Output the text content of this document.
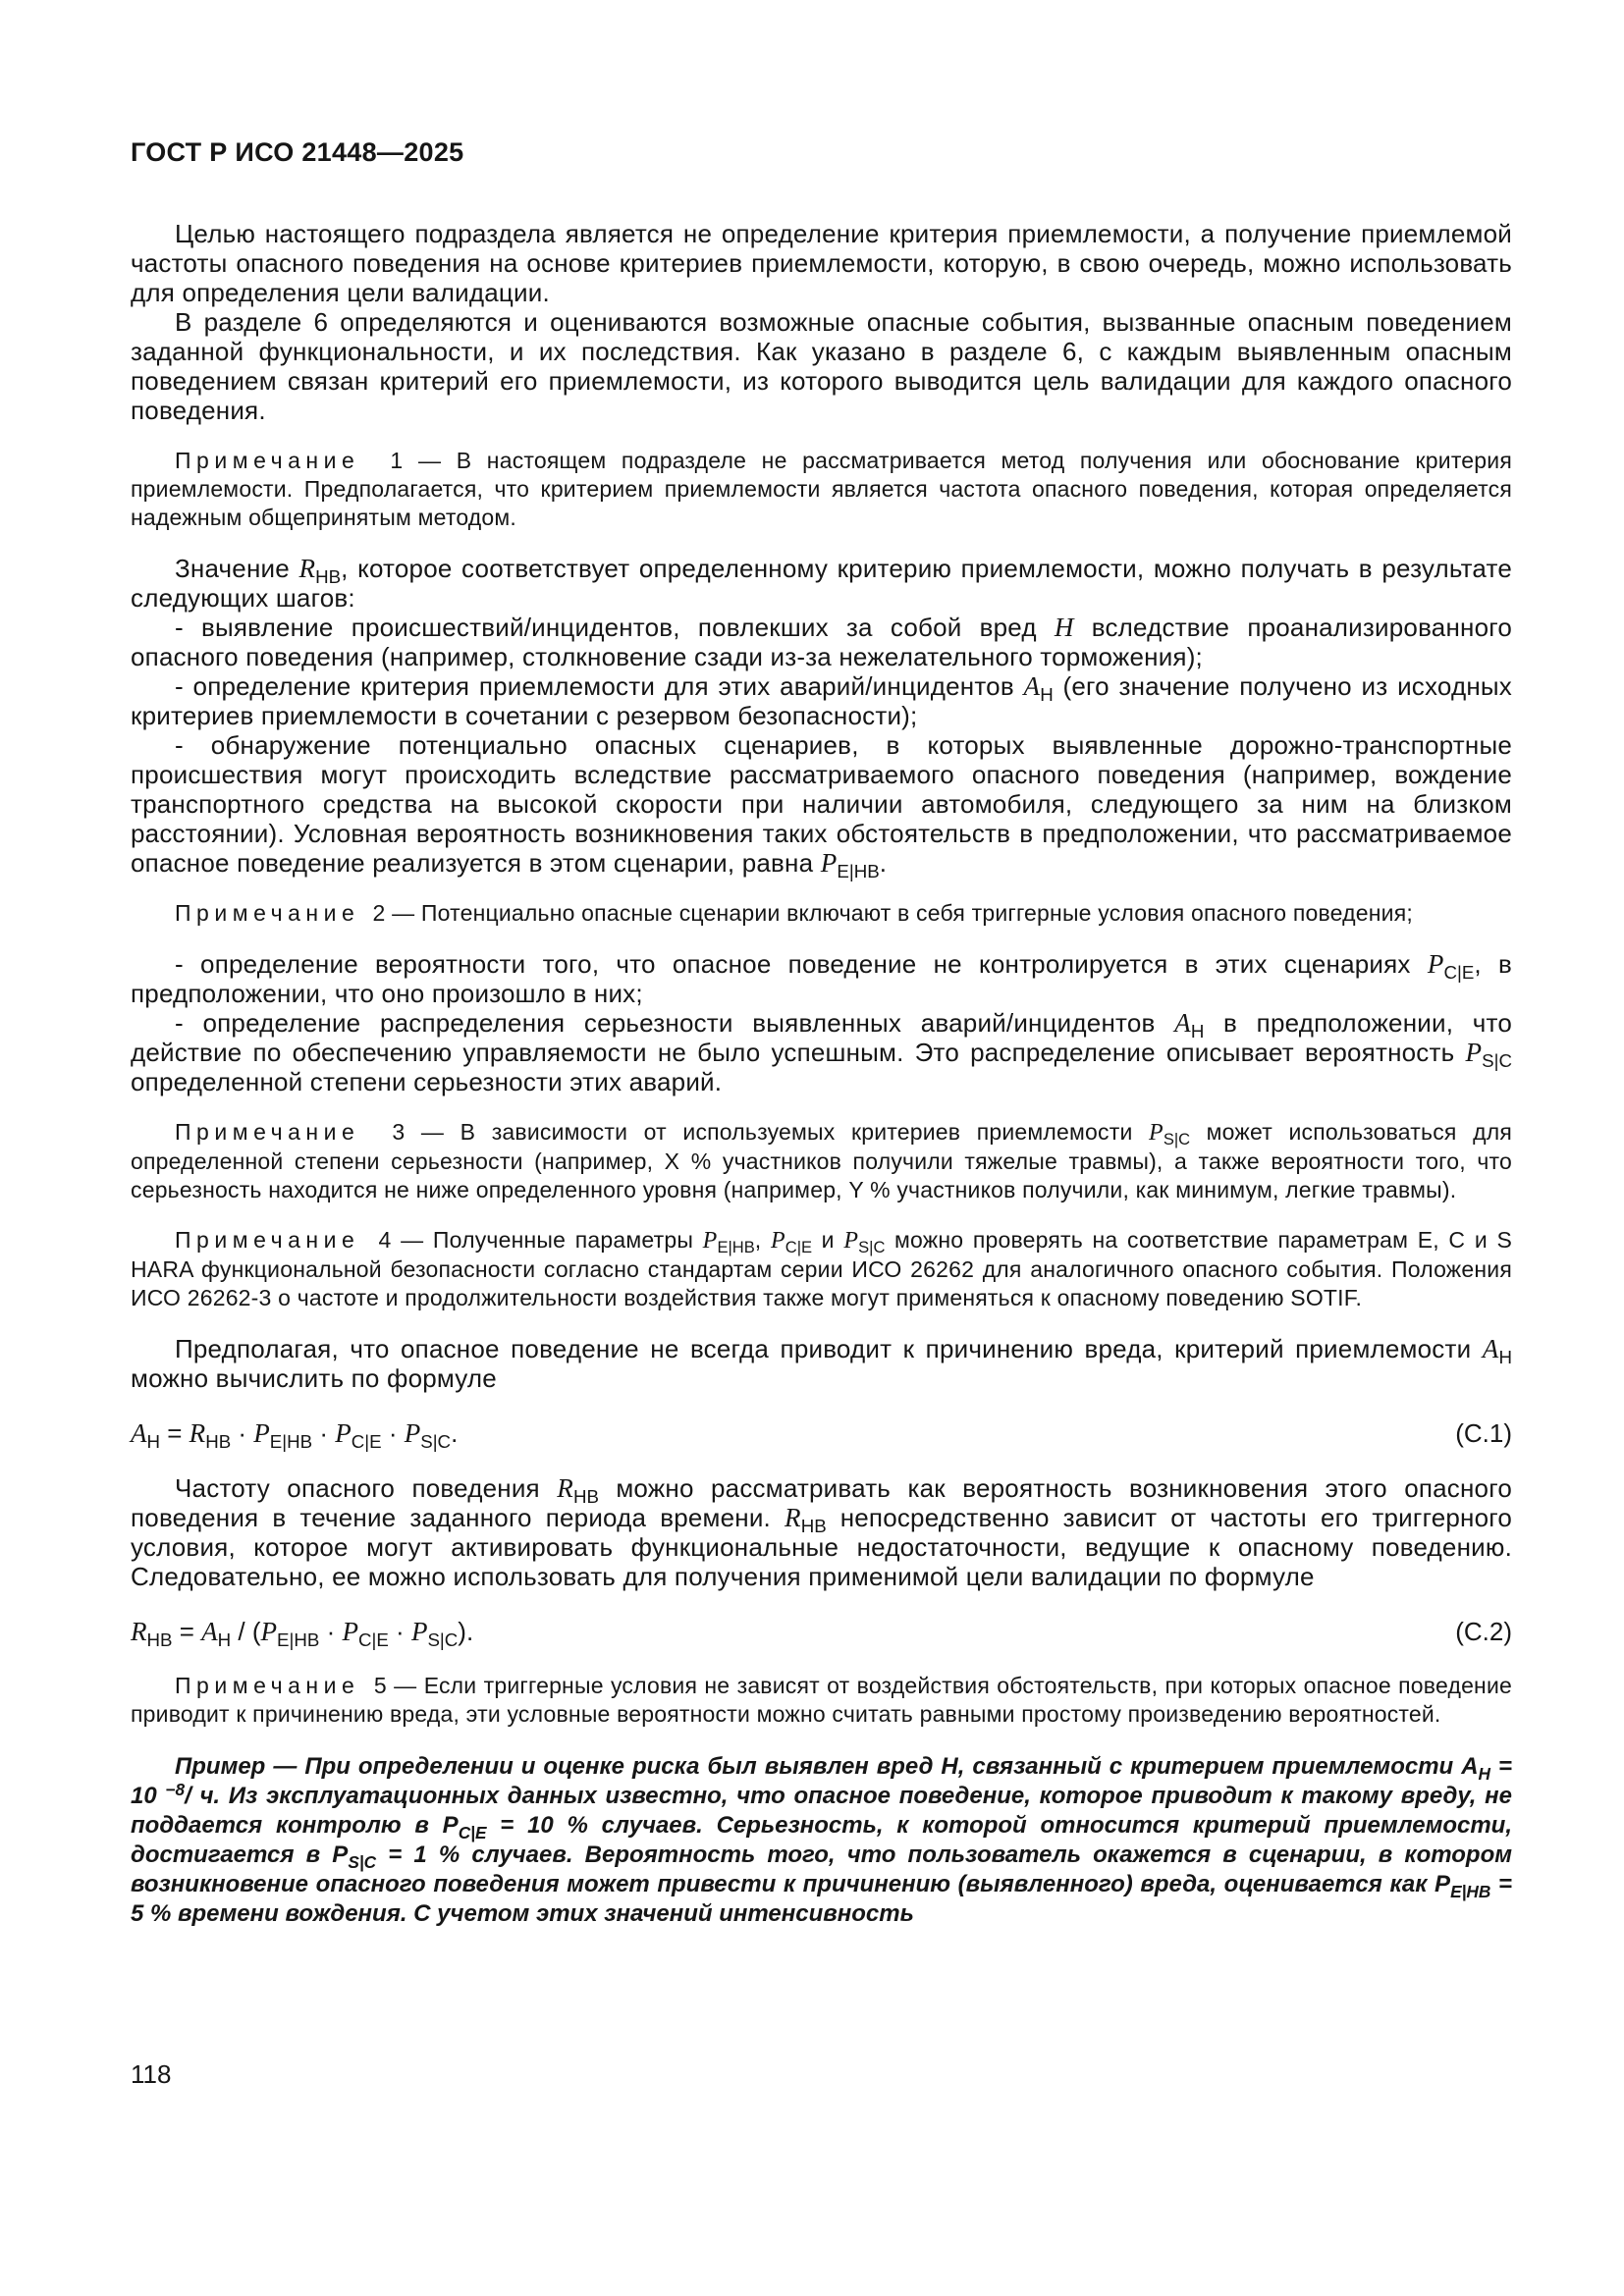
ГОСТ Р ИСО 21448—2025

Целью настоящего подраздела является не определение критерия приемлемости, а получение приемлемой частоты опасного поведения на основе критериев приемлемости, которую, в свою очередь, можно использовать для определения цели валидации.

В разделе 6 определяются и оцениваются возможные опасные события, вызванные опасным поведением заданной функциональности, и их последствия. Как указано в разделе 6, с каждым выявленным опасным поведением связан критерий его приемлемости, из которого выводится цель валидации для каждого опасного поведения.

Примечание  1 — В настоящем подразделе не рассматривается метод получения или обоснование критерия приемлемости. Предполагается, что критерием приемлемости является частота опасного поведения, которая определяется надежным общепринятым методом.

Значение $R_{НВ}$, которое соответствует определенному критерию приемлемости, можно получать в результате следующих шагов:

- выявление происшествий/инцидентов, повлекших за собой вред H вследствие проанализированного опасного поведения (например, столкновение сзади из-за нежелательного торможения);

- определение критерия приемлемости для этих аварий/инцидентов $A_H$ (его значение получено из исходных критериев приемлемости в сочетании с резервом безопасности);

- обнаружение потенциально опасных сценариев, в которых выявленные дорожно-транспортные происшествия могут происходить вследствие рассматриваемого опасного поведения (например, вождение транспортного средства на высокой скорости при наличии автомобиля, следующего за ним на близком расстоянии). Условная вероятность возникновения таких обстоятельств в предположении, что рассматриваемое опасное поведение реализуется в этом сценарии, равна $P_{E|HB}$.

Примечание  2 — Потенциально опасные сценарии включают в себя триггерные условия опасного поведения;

- определение вероятности того, что опасное поведение не контролируется в этих сценариях $P_{C|E}$, в предположении, что оно произошло в них;

- определение распределения серьезности выявленных аварий/инцидентов $A_H$ в предположении, что действие по обеспечению управляемости не было успешным. Это распределение описывает вероятность $P_{S|C}$ определенной степени серьезности этих аварий.

Примечание  3 — В зависимости от используемых критериев приемлемости $P_{S|C}$ может использоваться для определенной степени серьезности (например, X % участников получили тяжелые травмы), а также вероятности того, что серьезность находится не ниже определенного уровня (например, Y % участников получили, как минимум, легкие травмы).

Примечание  4 — Полученные параметры $P_{E|HB}$, $P_{C|E}$ и $P_{S|C}$ можно проверять на соответствие параметрам E, C и S HARA функциональной безопасности согласно стандартам серии ИСО 26262 для аналогичного опасного события. Положения ИСО 26262-3 о частоте и продолжительности воздействия также могут применяться к опасному поведению SOTIF.

Предполагая, что опасное поведение не всегда приводит к причинению вреда, критерий приемлемости $A_H$ можно вычислить по формуле

$A_H = R_{НВ} \cdot P_{E|HB} \cdot P_{C|E} \cdot P_{S|C}$.	(С.1)

Частоту опасного поведения $R_{НВ}$ можно рассматривать как вероятность возникновения этого опасного поведения в течение заданного периода времени. $R_{НВ}$ непосредственно зависит от частоты его триггерного условия, которое могут активировать функциональные недостаточности, ведущие к опасному поведению. Следовательно, ее можно использовать для получения применимой цели валидации по формуле

$R_{НВ} = A_H / (P_{E|HB} \cdot P_{C|E} \cdot P_{S|C})$.	(С.2)

Примечание  5 — Если триггерные условия не зависят от воздействия обстоятельств, при которых опасное поведение приводит к причинению вреда, эти условные вероятности можно считать равными простому произведению вероятностей.

Пример — При определении и оценке риска был выявлен вред H, связанный с критерием приемлемости $A_H = 10$ $^{-8}$/ ч. Из эксплуатационных данных известно, что опасное поведение, которое приводит к такому вреду, не поддается контролю в $P_{C|E} = 10$ % случаев. Серьезность, к которой относится критерий приемлемости, достигается в $P_{S|C} = 1$ % случаев. Вероятность того, что пользователь окажется в сценарии, в котором возникновение опасного поведения может привести к причинению (выявленного) вреда, оценивается как $P_{E|HB} = 5$ % времени вождения. С учетом этих значений интенсивность

118
